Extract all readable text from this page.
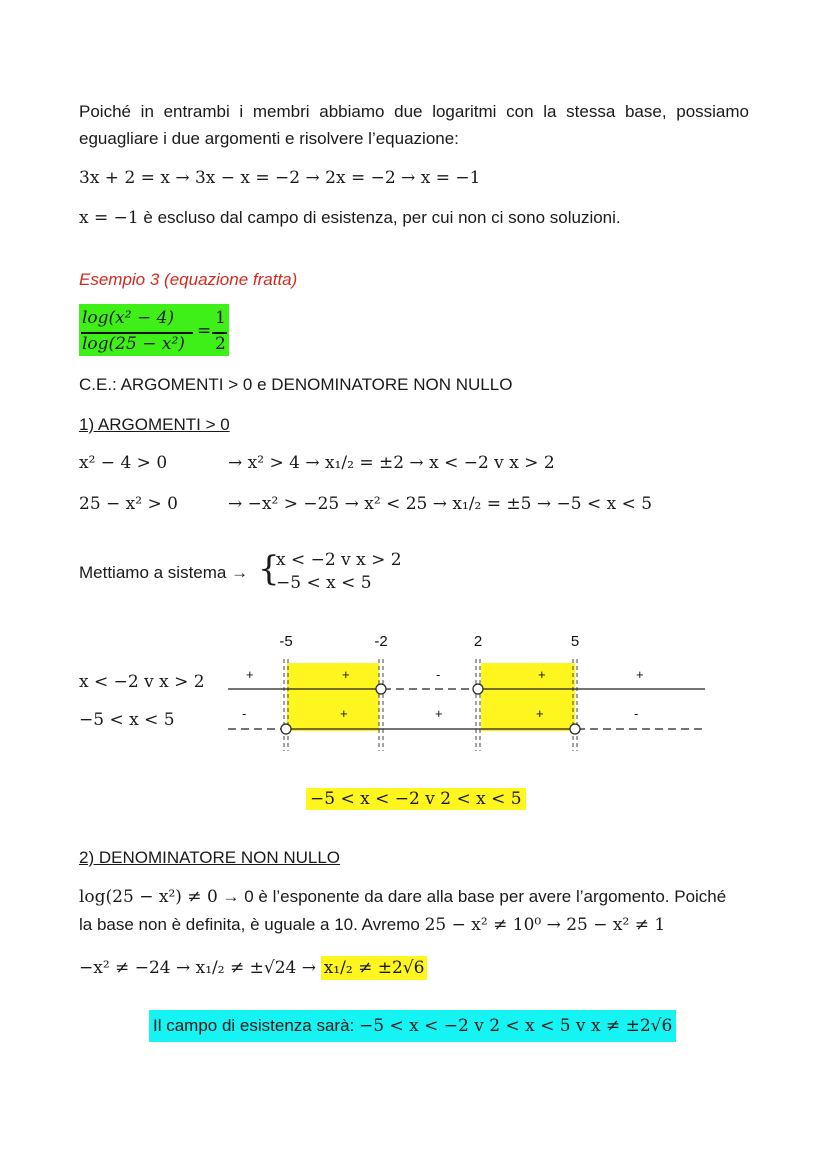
Poiché in entrambi i membri abbiamo due logaritmi con la stessa base, possiamo eguagliare i due argomenti e risolvere l’equazione:
3x + 2 = x → 3x − x = −2 → 2x = −2 → x = −1
x = −1 è escluso dal campo di esistenza, per cui non ci sono soluzioni.
Esempio 3 (equazione fratta)
log(x² − 4)
log(25 − x²)
=
1
2
C.E.: ARGOMENTI > 0 e DENOMINATORE NON NULLO
1) ARGOMENTI > 0
x² − 4 > 0	→ x² > 4 → x₁/₂ = ±2 → x < −2 v x > 2
25 − x² > 0	→ −x² > −25 → x² < 25 → x₁/₂ = ±5 → −5 < x < 5
Mettiamo a sistema → {
x < −2 v x > 2
−5 < x < 5
x < −2 v x > 2
−5 < x < 5
-5	-2	2	5
+	+	-	+	+
-	+	+	+	-
−5 < x < −2 v 2 < x < 5
2) DENOMINATORE NON NULLO
log(25 − x²) ≠ 0 → 0 è l’esponente da dare alla base per avere l’argomento. Poiché
la base non è definita, è uguale a 10. Avremo 25 − x² ≠ 10⁰ → 25 − x² ≠ 1
−x² ≠ −24 → x₁/₂ ≠ ±√24 → x₁/₂ ≠ ±2√6
Il campo di esistenza sarà: −5 < x < −2 v 2 < x < 5 v x ≠ ±2√6
